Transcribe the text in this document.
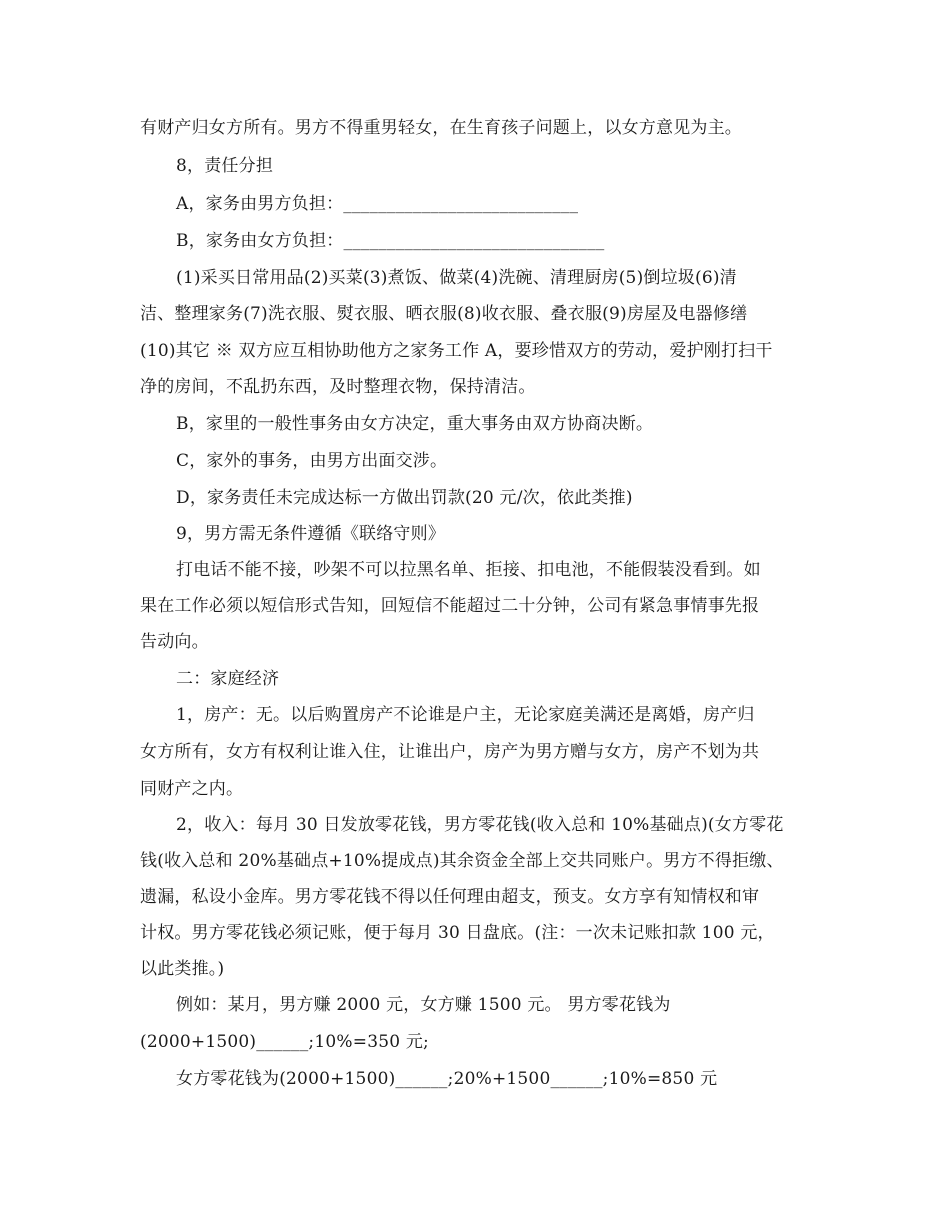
有财产归女方所有。男方不得重男轻女，在生育孩子问题上，以女方意见为主。
8，责任分担
A，家务由男方负担：___________________________
B，家务由女方负担：______________________________
(1)采买日常用品(2)买菜(3)煮饭、做菜(4)洗碗、清理厨房(5)倒垃圾(6)清
洁、整理家务(7)洗衣服、熨衣服、晒衣服(8)收衣服、叠衣服(9)房屋及电器修缮
(10)其它 ※ 双方应互相协助他方之家务工作 A，要珍惜双方的劳动，爱护刚打扫干
净的房间，不乱扔东西，及时整理衣物，保持清洁。
B，家里的一般性事务由女方决定，重大事务由双方协商决断。
C，家外的事务，由男方出面交涉。
D，家务责任未完成达标一方做出罚款(20 元/次，依此类推)
9，男方需无条件遵循《联络守则》
打电话不能不接，吵架不可以拉黑名单、拒接、扣电池，不能假装没看到。如
果在工作必须以短信形式告知，回短信不能超过二十分钟，公司有紧急事情事先报
告动向。
二：家庭经济
1，房产：无。以后购置房产不论谁是户主，无论家庭美满还是离婚，房产归
女方所有，女方有权利让谁入住，让谁出户，房产为男方赠与女方，房产不划为共
同财产之内。
2，收入：每月 30 日发放零花钱，男方零花钱(收入总和 10%基础点)(女方零花
钱(收入总和 20%基础点+10%提成点)其余资金全部上交共同账户。男方不得拒缴、
遗漏，私设小金库。男方零花钱不得以任何理由超支，预支。女方享有知情权和审
计权。男方零花钱必须记账，便于每月 30 日盘底。(注：一次未记账扣款 100 元，
以此类推。)
例如：某月，男方赚 2000 元，女方赚 1500 元。 男方零花钱为
(2000+1500)______;10%=350 元;
女方零花钱为(2000+1500)______;20%+1500______;10%=850 元
